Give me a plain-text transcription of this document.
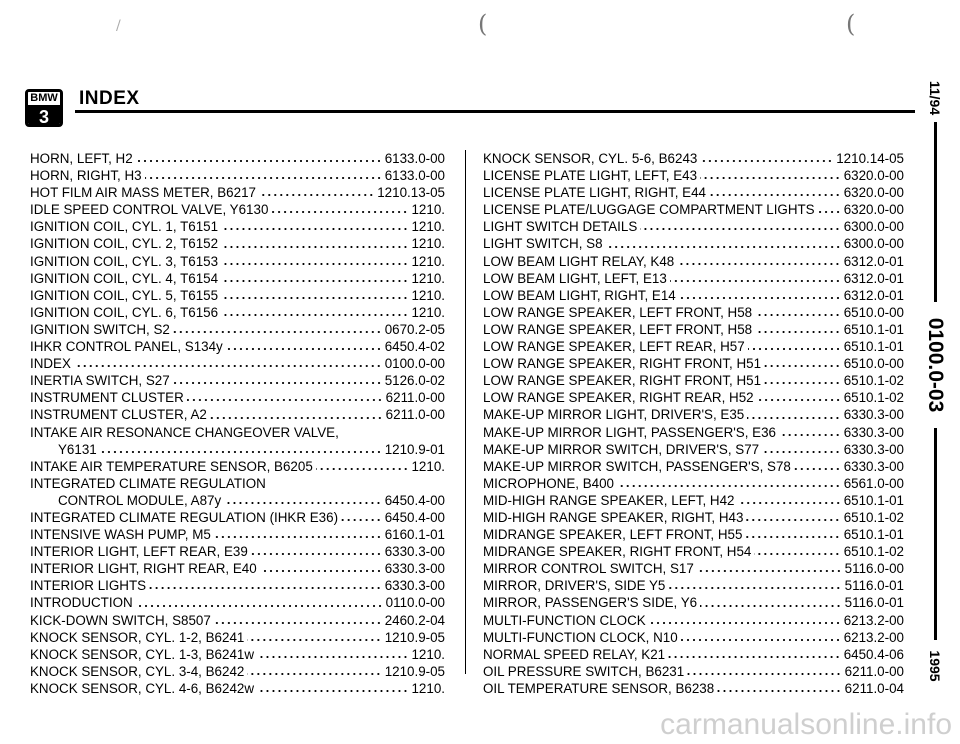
/	(	(
BMW
3
INDEX
HORN, LEFT, H2	6133.0-00
HORN, RIGHT, H3	6133.0-00
HOT FILM AIR MASS METER, B6217	1210.13-05
IDLE SPEED CONTROL VALVE, Y6130	1210.
IGNITION COIL, CYL. 1, T6151	1210.
IGNITION COIL, CYL. 2, T6152	1210.
IGNITION COIL, CYL. 3, T6153	1210.
IGNITION COIL, CYL. 4, T6154	1210.
IGNITION COIL, CYL. 5, T6155	1210.
IGNITION COIL, CYL. 6, T6156	1210.
IGNITION SWITCH, S2	0670.2-05
IHKR CONTROL PANEL, S134y	6450.4-02
INDEX	0100.0-00
INERTIA SWITCH, S27	5126.0-02
INSTRUMENT CLUSTER	6211.0-00
INSTRUMENT CLUSTER, A2	6211.0-00
INTAKE AIR RESONANCE CHANGEOVER VALVE,
Y6131	1210.9-01
INTAKE AIR TEMPERATURE SENSOR, B6205	1210.
INTEGRATED CLIMATE REGULATION
CONTROL MODULE, A87y	6450.4-00
INTEGRATED CLIMATE REGULATION (IHKR E36)	6450.4-00
INTENSIVE WASH PUMP, M5	6160.1-01
INTERIOR LIGHT, LEFT REAR, E39	6330.3-00
INTERIOR LIGHT, RIGHT REAR, E40	6330.3-00
INTERIOR LIGHTS	6330.3-00
INTRODUCTION	0110.0-00
KICK-DOWN SWITCH, S8507	2460.2-04
KNOCK SENSOR, CYL. 1-2, B6241	1210.9-05
KNOCK SENSOR, CYL. 1-3, B6241w	1210.
KNOCK SENSOR, CYL. 3-4, B6242	1210.9-05
KNOCK SENSOR, CYL. 4-6, B6242w	1210.
KNOCK SENSOR, CYL. 5-6, B6243	1210.14-05
LICENSE PLATE LIGHT, LEFT, E43	6320.0-00
LICENSE PLATE LIGHT, RIGHT, E44	6320.0-00
LICENSE PLATE/LUGGAGE COMPARTMENT LIGHTS 6320.0-00
LIGHT SWITCH DETAILS	6300.0-00
LIGHT SWITCH, S8	6300.0-00
LOW BEAM LIGHT RELAY, K48	6312.0-01
LOW BEAM LIGHT, LEFT, E13	6312.0-01
LOW BEAM LIGHT, RIGHT, E14	6312.0-01
LOW RANGE SPEAKER, LEFT FRONT, H58	6510.0-00
LOW RANGE SPEAKER, LEFT FRONT, H58	6510.1-01
LOW RANGE SPEAKER, LEFT REAR, H57	6510.1-01
LOW RANGE SPEAKER, RIGHT FRONT, H51	6510.0-00
LOW RANGE SPEAKER, RIGHT FRONT, H51	6510.1-02
LOW RANGE SPEAKER, RIGHT REAR, H52	6510.1-02
MAKE-UP MIRROR LIGHT, DRIVER'S, E35	6330.3-00
MAKE-UP MIRROR LIGHT, PASSENGER'S, E36	6330.3-00
MAKE-UP MIRROR SWITCH, DRIVER'S, S77	6330.3-00
MAKE-UP MIRROR SWITCH, PASSENGER'S, S78	6330.3-00
MICROPHONE, B400	6561.0-00
MID-HIGH RANGE SPEAKER, LEFT, H42	6510.1-01
MID-HIGH RANGE SPEAKER, RIGHT, H43	6510.1-02
MIDRANGE SPEAKER, LEFT FRONT, H55	6510.1-01
MIDRANGE SPEAKER, RIGHT FRONT, H54	6510.1-02
MIRROR CONTROL SWITCH, S17	5116.0-00
MIRROR, DRIVER'S, SIDE Y5	5116.0-01
MIRROR, PASSENGER'S SIDE, Y6	5116.0-01
MULTI-FUNCTION CLOCK	6213.2-00
MULTI-FUNCTION CLOCK, N10	6213.2-00
NORMAL SPEED RELAY, K21	6450.4-06
OIL PRESSURE SWITCH, B6231	6211.0-00
OIL TEMPERATURE SENSOR, B6238	6211.0-04
11/94
0100.0-03
1995
carmanualsonline.info
